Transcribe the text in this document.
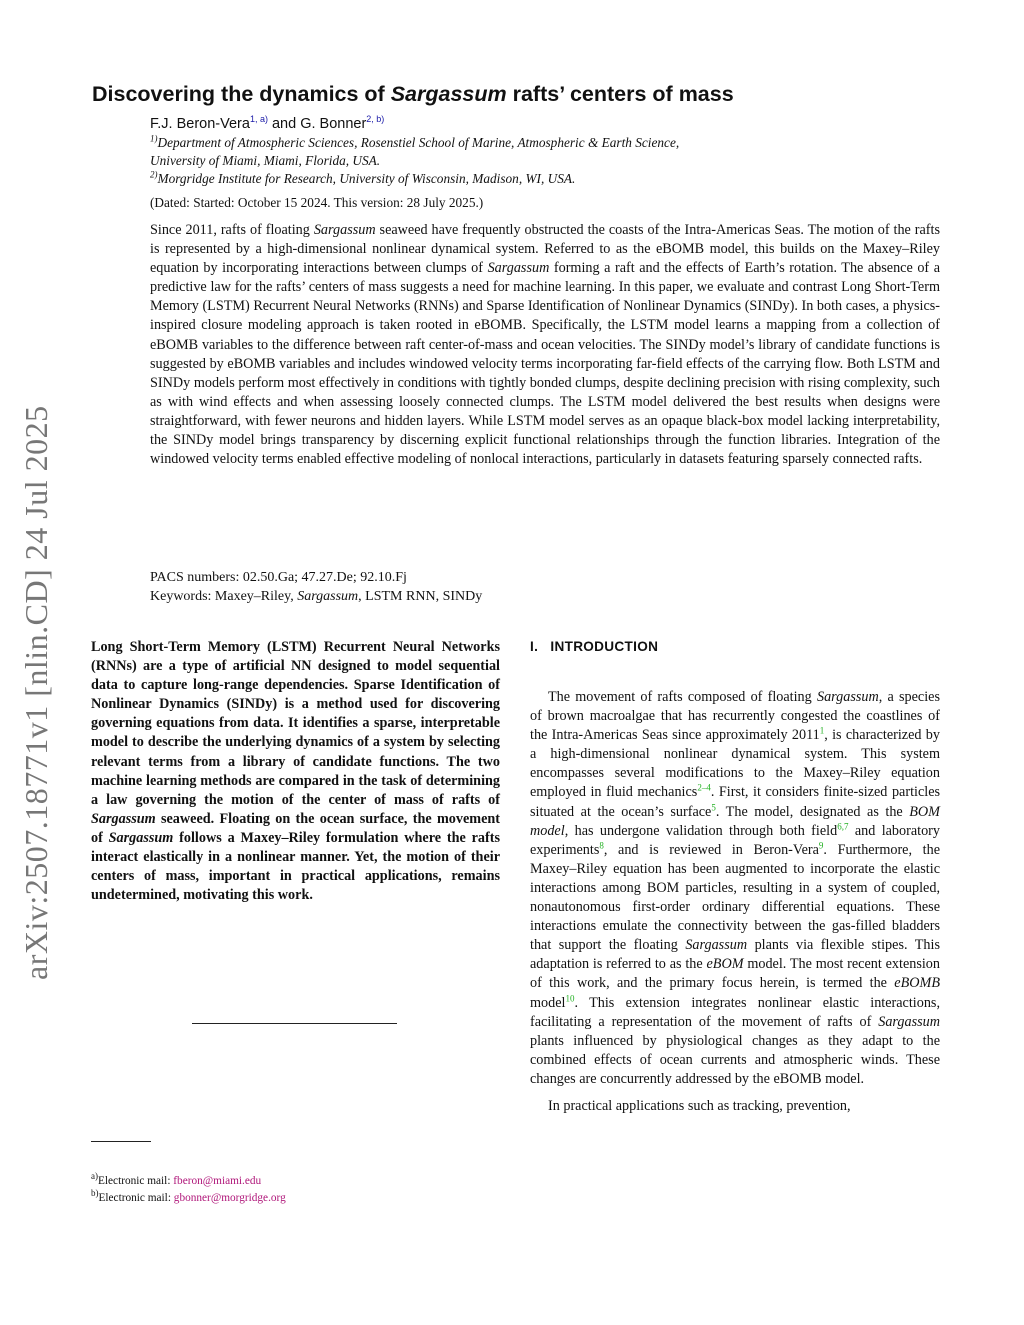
arXiv:2507.18771v1 [nlin.CD] 24 Jul 2025
Discovering the dynamics of Sargassum rafts’ centers of mass
F.J. Beron-Vera$^{1, a)}$ and G. Bonner$^{2, b)}$
$^{1)}$Department of Atmospheric Sciences, Rosenstiel School of Marine, Atmospheric & Earth Science,
University of Miami, Miami, Florida, USA.
$^{2)}$Morgridge Institute for Research, University of Wisconsin, Madison, WI, USA.
(Dated: Started: October 15 2024. This version: 28 July 2025.)
Since 2011, rafts of floating Sargassum seaweed have frequently obstructed the coasts of the Intra-Americas Seas. The motion of the rafts is represented by a high-dimensional nonlinear dynamical system. Referred to as the eBOMB model, this builds on the Maxey–Riley equation by incorporating interactions between clumps of Sargassum forming a raft and the effects of Earth’s rotation. The absence of a predictive law for the rafts’ centers of mass suggests a need for machine learning. In this paper, we evaluate and contrast Long Short-Term Memory (LSTM) Recurrent Neural Networks (RNNs) and Sparse Identification of Nonlinear Dynamics (SINDy). In both cases, a physics-inspired closure modeling approach is taken rooted in eBOMB. Specifically, the LSTM model learns a mapping from a collection of eBOMB variables to the difference between raft center-of-mass and ocean velocities. The SINDy model’s library of candidate functions is suggested by eBOMB variables and includes windowed velocity terms incorporating far-field effects of the carrying flow. Both LSTM and SINDy models perform most effectively in conditions with tightly bonded clumps, despite declining precision with rising complexity, such as with wind effects and when assessing loosely connected clumps. The LSTM model delivered the best results when designs were straightforward, with fewer neurons and hidden layers. While LSTM model serves as an opaque black-box model lacking interpretability, the SINDy model brings transparency by discerning explicit functional relationships through the function libraries. Integration of the windowed velocity terms enabled effective modeling of nonlocal interactions, particularly in datasets featuring sparsely connected rafts.
PACS numbers: 02.50.Ga; 47.27.De; 92.10.Fj
Keywords: Maxey–Riley, Sargassum, LSTM RNN, SINDy
Long Short-Term Memory (LSTM) Recurrent Neural Networks (RNNs) are a type of artificial NN designed to model sequential data to capture long-range dependencies. Sparse Identification of Nonlinear Dynamics (SINDy) is a method used for discovering governing equations from data. It identifies a sparse, interpretable model to describe the underlying dynamics of a system by selecting relevant terms from a library of candidate functions. The two machine learning methods are compared in the task of determining a law governing the motion of the center of mass of rafts of Sargassum seaweed. Floating on the ocean surface, the movement of Sargassum follows a Maxey–Riley formulation where the rafts interact elastically in a nonlinear manner. Yet, the motion of their centers of mass, important in practical applications, remains undetermined, motivating this work.
$^{a)}$Electronic mail: fberon@miami.edu
$^{b)}$Electronic mail: gbonner@morgridge.org
I. INTRODUCTION

The movement of rafts composed of floating Sargassum, a species of brown macroalgae that has recurrently congested the coastlines of the Intra-Americas Seas since approximately 2011$^1$, is characterized by a high-dimensional nonlinear dynamical system. This system encompasses several modifications to the Maxey–Riley equation employed in fluid mechanics$^{2-4}$. First, it considers finite-sized particles situated at the ocean’s surface$^5$. The model, designated as the BOM model, has undergone validation through both field$^{6,7}$ and laboratory experiments$^8$, and is reviewed in Beron-Vera$^9$. Furthermore, the Maxey–Riley equation has been augmented to incorporate the elastic interactions among BOM particles, resulting in a system of coupled, nonautonomous first-order ordinary differential equations. These interactions emulate the connectivity between the gas-filled bladders that support the floating Sargassum plants via flexible stipes. This adaptation is referred to as the eBOM model. The most recent extension of this work, and the primary focus herein, is termed the eBOMB model$^{10}$. This extension integrates nonlinear elastic interactions, facilitating a representation of the movement of rafts of Sargassum plants influenced by physiological changes as they adapt to the combined effects of ocean currents and atmospheric winds. These changes are concurrently addressed by the eBOMB model.

In practical applications such as tracking, prevention,
